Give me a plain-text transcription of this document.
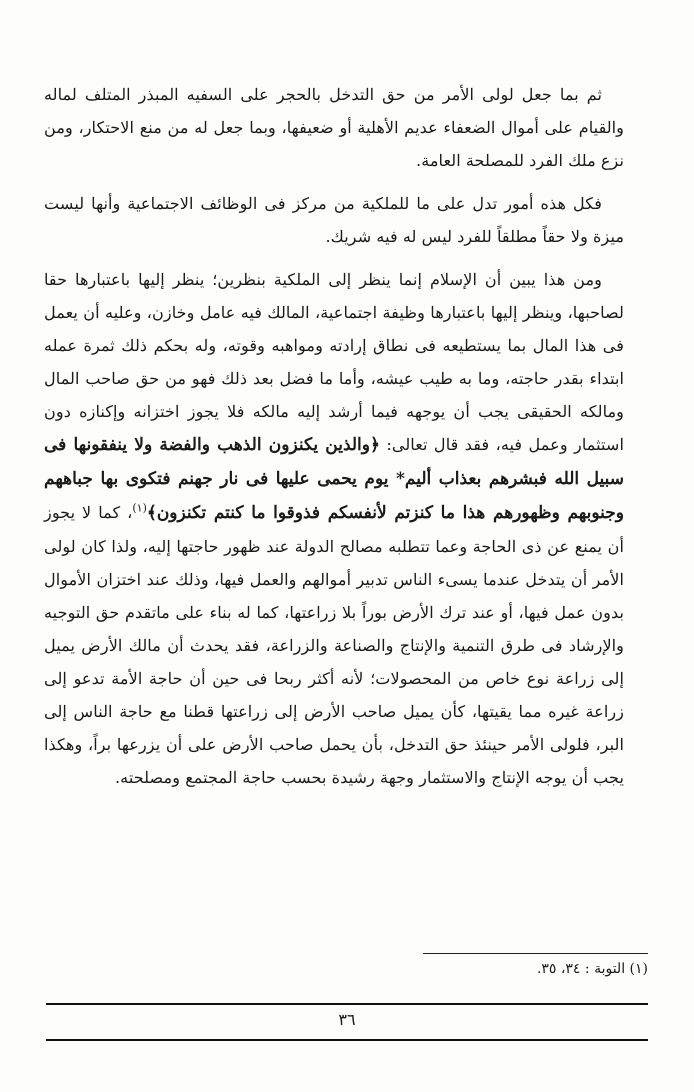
ثم بما جعل لولى الأمر من حق التدخل بالحجر على السفيه المبذر المتلف لماله والقيام على أموال الضعفاء عديم الأهلية أو ضعيفها، وبما جعل له من منع الاحتكار، ومن نزع ملك الفرد للمصلحة العامة.

فكل هذه أمور تدل على ما للملكية من مركز فى الوظائف الاجتماعية وأنها ليست ميزة ولا حقاً مطلقاً للفرد ليس له فيه شريك.

ومن هذا يبين أن الإسلام إنما ينظر إلى الملكية بنظرين؛ ينظر إليها باعتبارها حقا لصاحبها، وينظر إليها باعتبارها وظيفة اجتماعية، المالك فيه عامل وخازن، وعليه أن يعمل فى هذا المال بما يستطيعه فى نطاق إرادته ومواهبه وقوته، وله بحكم ذلك ثمرة عمله ابتداء بقدر حاجته، وما به طيب عيشه، وأما ما فضل بعد ذلك فهو من حق صاحب المال ومالكه الحقيقى يجب أن يوجهه فيما أرشد إليه مالكه فلا يجوز اختزانه وإكنازه دون استثمار وعمل فيه، فقد قال تعالى: ﴿والذين يكنزون الذهب والفضة ولا ينفقونها فى سبيل الله فبشرهم بعذاب أليم* يوم يحمى عليها فى نار جهنم فتكوى بها جباههم وجنوبهم وظهورهم هذا ما كنزتم لأنفسكم فذوقوا ما كنتم تكنزون﴾$^{(١)}$، كما لا يجوز أن يمنع عن ذى الحاجة وعما تتطلبه مصالح الدولة عند ظهور حاجتها إليه، ولذا كان لولى الأمر أن يتدخل عندما يسىء الناس تدبير أموالهم والعمل فيها، وذلك عند اختزان الأموال بدون عمل فيها، أو عند ترك الأرض بوراً بلا زراعتها، كما له بناء على ماتقدم حق التوجيه والإرشاد فى طرق التنمية والإنتاج والصناعة والزراعة، فقد يحدث أن مالك الأرض يميل إلى زراعة نوع خاص من المحصولات؛ لأنه أكثر ربحا فى حين أن حاجة الأمة تدعو إلى زراعة غيره مما يقيتها، كأن يميل صاحب الأرض إلى زراعتها قطنا مع حاجة الناس إلى البر، فلولى الأمر حينئذ حق التدخل، بأن يحمل صاحب الأرض على أن يزرعها براً، وهكذا يجب أن يوجه الإنتاج والاستثمار وجهة رشيدة بحسب حاجة المجتمع ومصلحته.

(١) التوبة : ٣٤، ٣٥.
٣٦
